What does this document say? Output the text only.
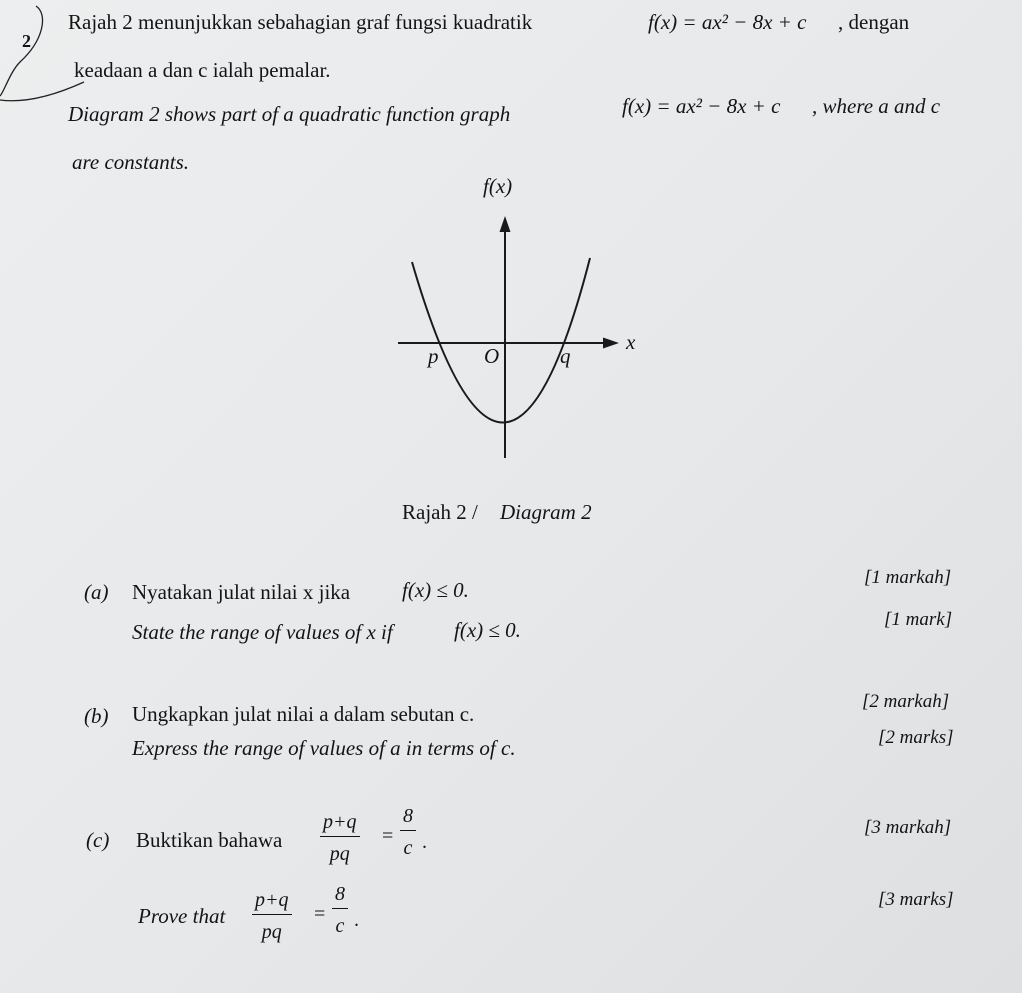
2
Rajah 2 menunjukkan sebahagian graf fungsi kuadratik	f(x) = ax² − 8x + c , dengan
keadaan a dan c ialah pemalar.
Diagram 2 shows part of a quadratic function graph	f(x) = ax² − 8x + c , where a and c
are constants.
f(x)
x
p O	q
Rajah 2 / Diagram 2
(a) Nyatakan julat nilai x jika f(x) ≤ 0.
State the range of values of x if	f(x) ≤ 0.
[1 markah]
[1 mark]
(b) Ungkapkan julat nilai a dalam sebutan c.
Express the range of values of a in terms of c.
[2 markah]
[2 marks]
(c) Buktikan bahawa $\frac{p+q}{pq} = \frac{8}{c}$ .
Prove that $\frac{p+q}{pq} = \frac{8}{c}$ .
[3 markah]
[3 marks]
